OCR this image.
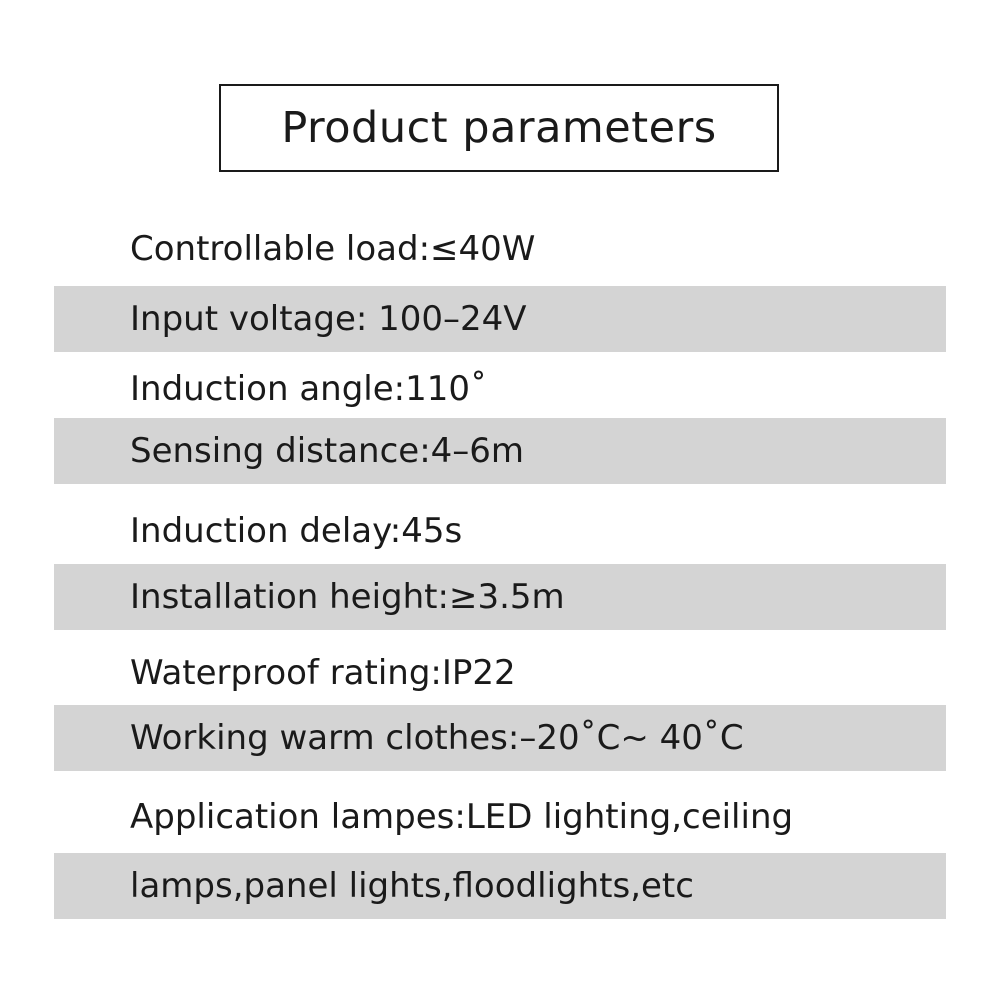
Product parameters
Controllable load:≤40W
Input voltage: 100–24V
Induction angle:110˚
Sensing distance:4–6m
Induction delay:45s
Installation height:≥3.5m
Waterproof rating:IP22
Working warm clothes:–20˚C~ 40˚C
Application lampes:LED lighting,ceiling
lamps,panel lights,floodlights,etc
